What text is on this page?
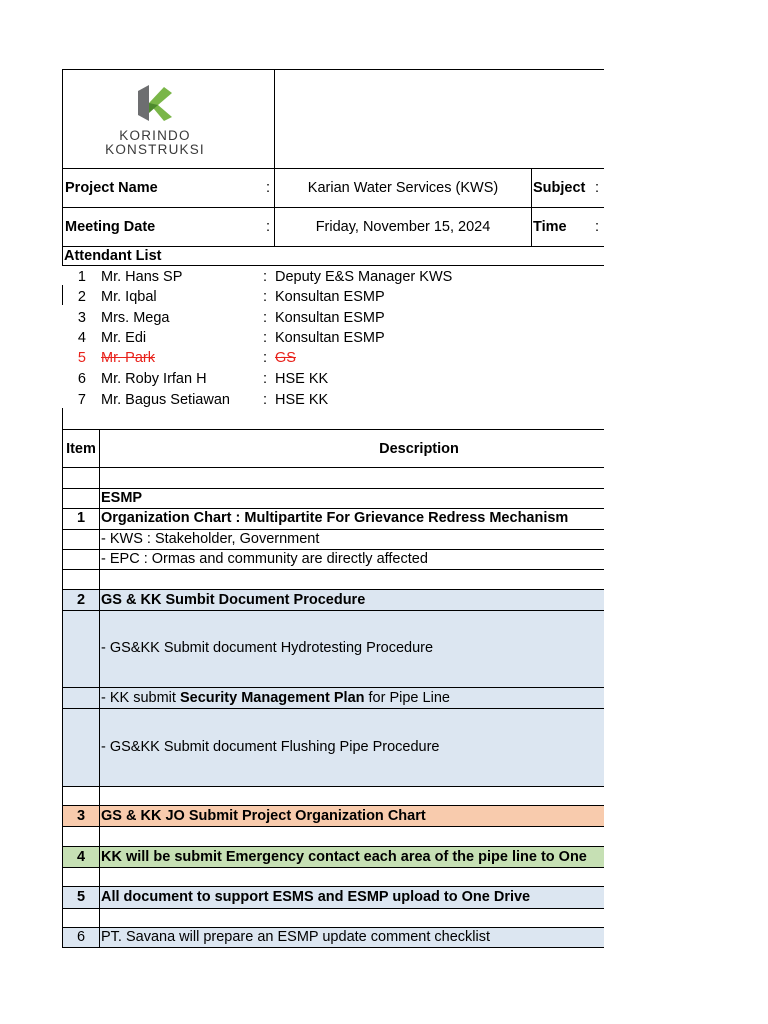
KORINDO
KONSTRUKSI
Project Name	:	Karian Water Services (KWS)	Subject :
Meeting Date	:	Friday, November 15, 2024	Time :
Attendant List
1 Mr. Hans SP	: Deputy E&S Manager KWS
2 Mr. Iqbal	: Konsultan ESMP
3 Mrs. Mega	: Konsultan ESMP
4 Mr. Edi	: Konsultan ESMP
5 Mr. Park	: GS
6 Mr. Roby Irfan H	: HSE KK
7 Mr. Bagus Setiawan : HSE KK
Item	Description
ESMP
1	Organization Chart : Multipartite For Grievance Redress Mechanism
- KWS : Stakeholder, Government
- EPC : Ormas and community are directly affected
2	GS & KK Sumbit Document Procedure
- GS&KK Submit document Hydrotesting Procedure
- KK submit Security Management Plan for Pipe Line
- GS&KK Submit document Flushing Pipe Procedure
3	GS & KK JO Submit Project Organization Chart
4	KK will be submit Emergency contact each area of the pipe line to One
5	All document to support ESMS and ESMP upload to One Drive
6	PT. Savana will prepare an ESMP update comment checklist
